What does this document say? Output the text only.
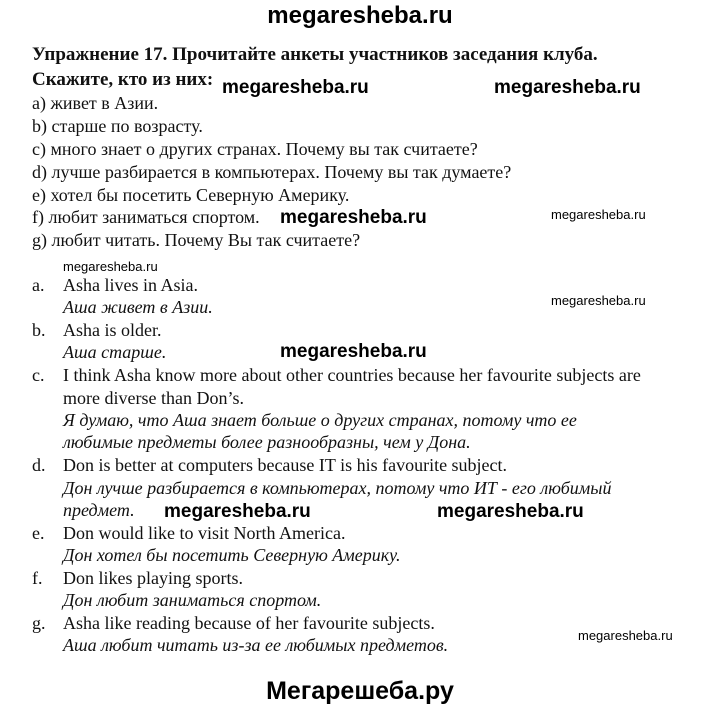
megaresheba.ru
Упражнение 17. Прочитайте анкеты участников заседания клуба.
Скажите, кто из них:
a) живет в Азии.
b) старше по возрасту.
c) много знает о других странах. Почему вы так считаете?
d) лучше разбирается в компьютерах. Почему вы так думаете?
e) хотел бы посетить Северную Америку.
f) любит заниматься спортом.
g) любит читать. Почему Вы так считаете?
a. Asha lives in Asia.
Аша живет в Азии.
b. Asha is older.
Аша старше.
c. I think Asha know more about other countries because her favourite subjects are
more diverse than Don’s.
Я думаю, что Аша знает больше о других странах, потому что ее
любимые предметы более разнообразны, чем у Дона.
d. Don is better at computers because IT is his favourite subject.
Дон лучше разбирается в компьютерах, потому что ИТ - его любимый
предмет.
e. Don would like to visit North America.
Дон хотел бы посетить Северную Америку.
f. Don likes playing sports.
Дон любит заниматься спортом.
g. Asha like reading because of her favourite subjects.
Аша любит читать из-за ее любимых предметов.
megaresheba.ru	megaresheba.ru
megaresheba.ru	megaresheba.ru
megaresheba.ru
megaresheba.ru
megaresheba.ru
megaresheba.ru	megaresheba.ru
megaresheba.ru
Мегарешеба.ру
